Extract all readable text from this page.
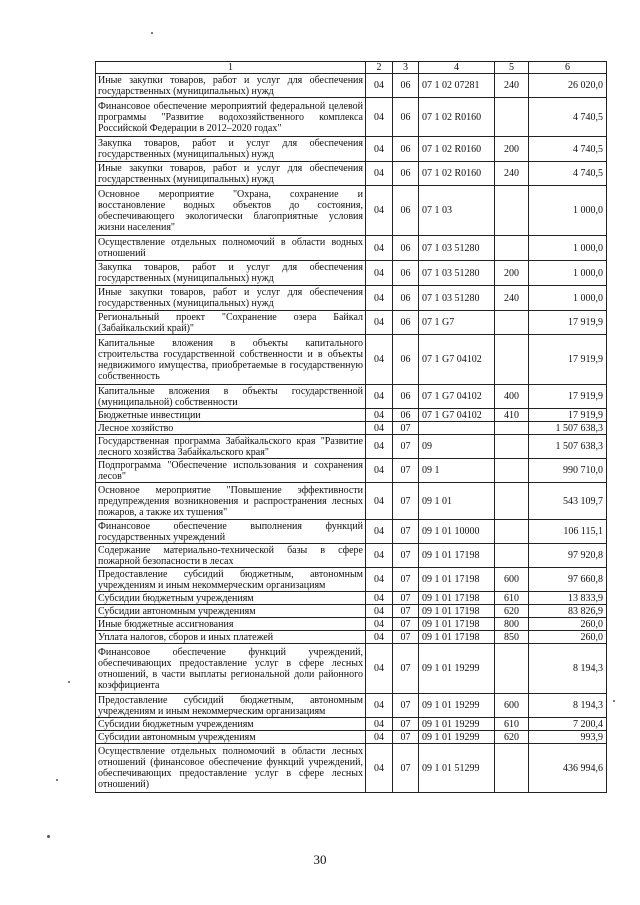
1	2	3	4	5	6
Иные закупки товаров, работ и услуг для обеспечения государственных (муниципальных) нужд	04	06	07 1 02 07281	240	26 020,0
Финансовое обеспечение мероприятий федеральной целевой программы "Развитие водохозяйственного комплекса Российской Федерации в 2012–2020 годах"	04	06	07 1 02 R0160		4 740,5
Закупка товаров, работ и услуг для обеспечения государственных (муниципальных) нужд	04	06	07 1 02 R0160	200	4 740,5
Иные закупки товаров, работ и услуг для обеспечения государственных (муниципальных) нужд	04	06	07 1 02 R0160	240	4 740,5
Основное мероприятие "Охрана, сохранение и восстановление водных объектов до состояния, обеспечивающего экологически благоприятные условия жизни населения"	04	06	07 1 03		1 000,0
Осуществление отдельных полномочий в области водных отношений	04	06	07 1 03 51280		1 000,0
Закупка товаров, работ и услуг для обеспечения государственных (муниципальных) нужд	04	06	07 1 03 51280	200	1 000,0
Иные закупки товаров, работ и услуг для обеспечения государственных (муниципальных) нужд	04	06	07 1 03 51280	240	1 000,0
Региональный проект "Сохранение озера Байкал (Забайкальский край)"	04	06	07 1 G7		17 919,9
Капитальные вложения в объекты капитального строительства государственной собственности и в объекты недвижимого имущества, приобретаемые в государственную собственность	04	06	07 1 G7 04102		17 919,9
Капитальные вложения в объекты государственной (муниципальной) собственности	04	06	07 1 G7 04102	400	17 919,9
Бюджетные инвестиции	04	06	07 1 G7 04102	410	17 919,9
Лесное хозяйство	04	07			1 507 638,3
Государственная программа Забайкальского края "Развитие лесного хозяйства Забайкальского края"	04	07	09		1 507 638,3
Подпрограмма "Обеспечение использования и сохранения лесов"	04	07	09 1		990 710,0
Основное мероприятие "Повышение эффективности предупреждения возникновения и распространения лесных пожаров, а также их тушения"	04	07	09 1 01		543 109,7
Финансовое обеспечение выполнения функций государственных учреждений	04	07	09 1 01 10000		106 115,1
Содержание материально-технической базы в сфере пожарной безопасности в лесах	04	07	09 1 01 17198		97 920,8
Предоставление субсидий бюджетным, автономным учреждениям и иным некоммерческим организациям	04	07	09 1 01 17198	600	97 660,8
Субсидии бюджетным учреждениям	04	07	09 1 01 17198	610	13 833,9
Субсидии автономным учреждениям	04	07	09 1 01 17198	620	83 826,9
Иные бюджетные ассигнования	04	07	09 1 01 17198	800	260,0
Уплата налогов, сборов и иных платежей	04	07	09 1 01 17198	850	260,0
Финансовое обеспечение функций учреждений, обеспечивающих предоставление услуг в сфере лесных отношений, в части выплаты региональной доли районного коэффициента	04	07	09 1 01 19299		8 194,3
Предоставление субсидий бюджетным, автономным учреждениям и иным некоммерческим организациям	04	07	09 1 01 19299	600	8 194,3
Субсидии бюджетным учреждениям	04	07	09 1 01 19299	610	7 200,4
Субсидии автономным учреждениям	04	07	09 1 01 19299	620	993,9
Осуществление отдельных полномочий в области лесных отношений (финансовое обеспечение функций учреждений, обеспечивающих предоставление услуг в сфере лесных отношений)	04	07	09 1 01 51299		436 994,6
30
